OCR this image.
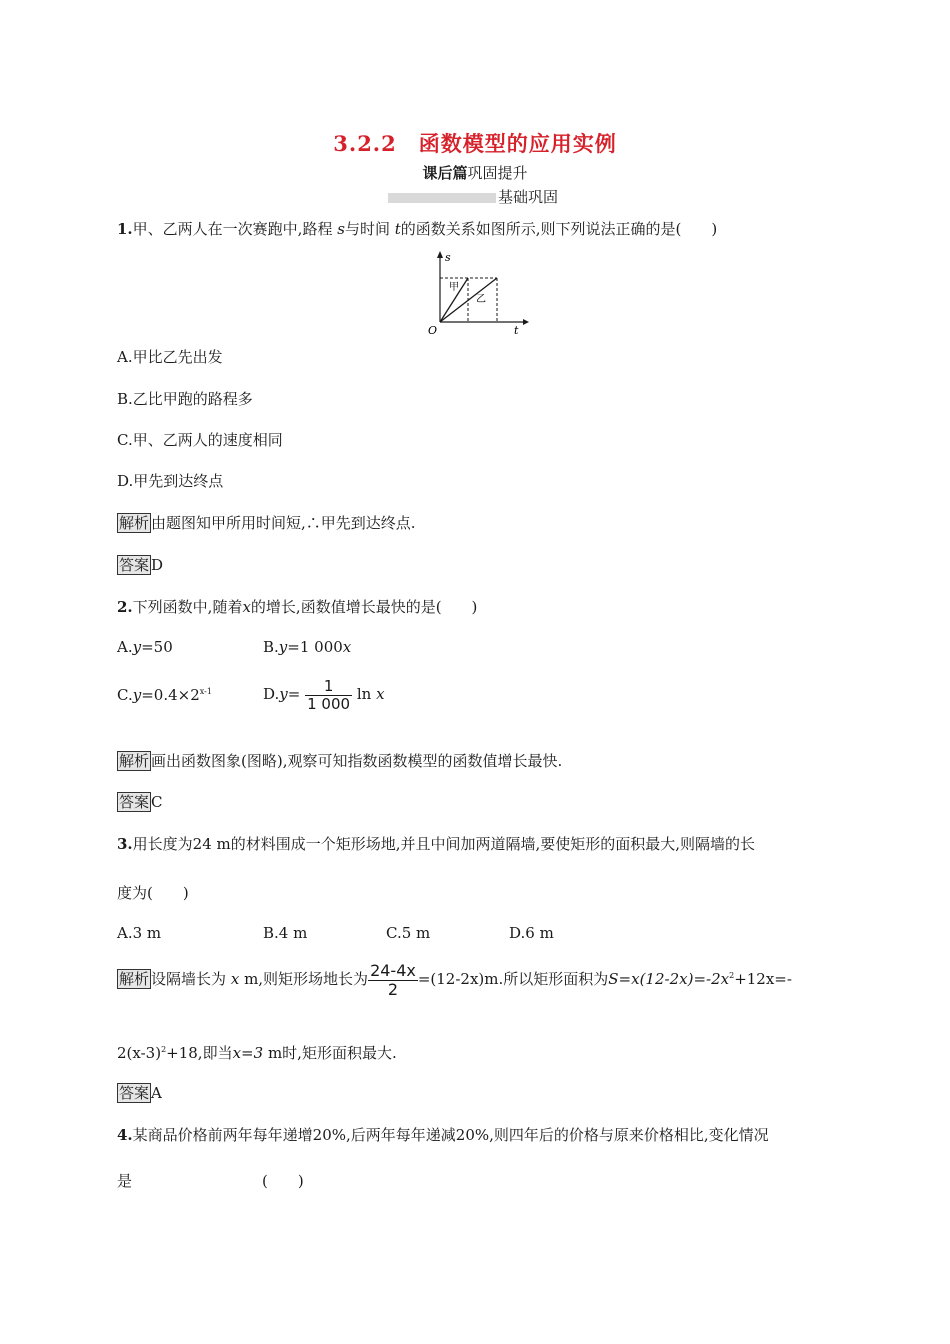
3.2.2　函数模型的应用实例
课后篇巩固提升
基础巩固
1.甲、乙两人在一次赛跑中,路程 s与时间 t的函数关系如图所示,则下列说法正确的是(　　)
s
t
O
甲
乙
A.甲比乙先出发
B.乙比甲跑的路程多
C.甲、乙两人的速度相同
D.甲先到达终点
解析 由题图知甲所用时间短,∴甲先到达终点.
答案 D
2.下列函数中,随着x的增长,函数值增长最快的是(　　)
A.y=50	B.y=1 000x
$C.y=0.4\times 2^{x-1}$	$D.y= \frac{1}{1 000}$ ln x
解析 画出函数图象(图略),观察可知指数函数模型的函数值增长最快.
答案 C
3.用长度为24 m的材料围成一个矩形场地,并且中间加两道隔墙,要使矩形的面积最大,则隔墙的长
度为(　　)
A.3 m	B.4 m	C.5 m	D.6 m
解析 设隔墙长为 x m,则矩形场地长为 $\frac{24-4x}{2} =(12-2x)m$.所以矩形面积为$S=x(12-2x)=-2x^2+12x=-$
$2(x-3)^2+18$,即当x=3 m时,矩形面积最大.
答案 A
4.某商品价格前两年每年递增20%,后两年每年递减20%,则四年后的价格与原来价格相比,变化情况
是	(　　)
